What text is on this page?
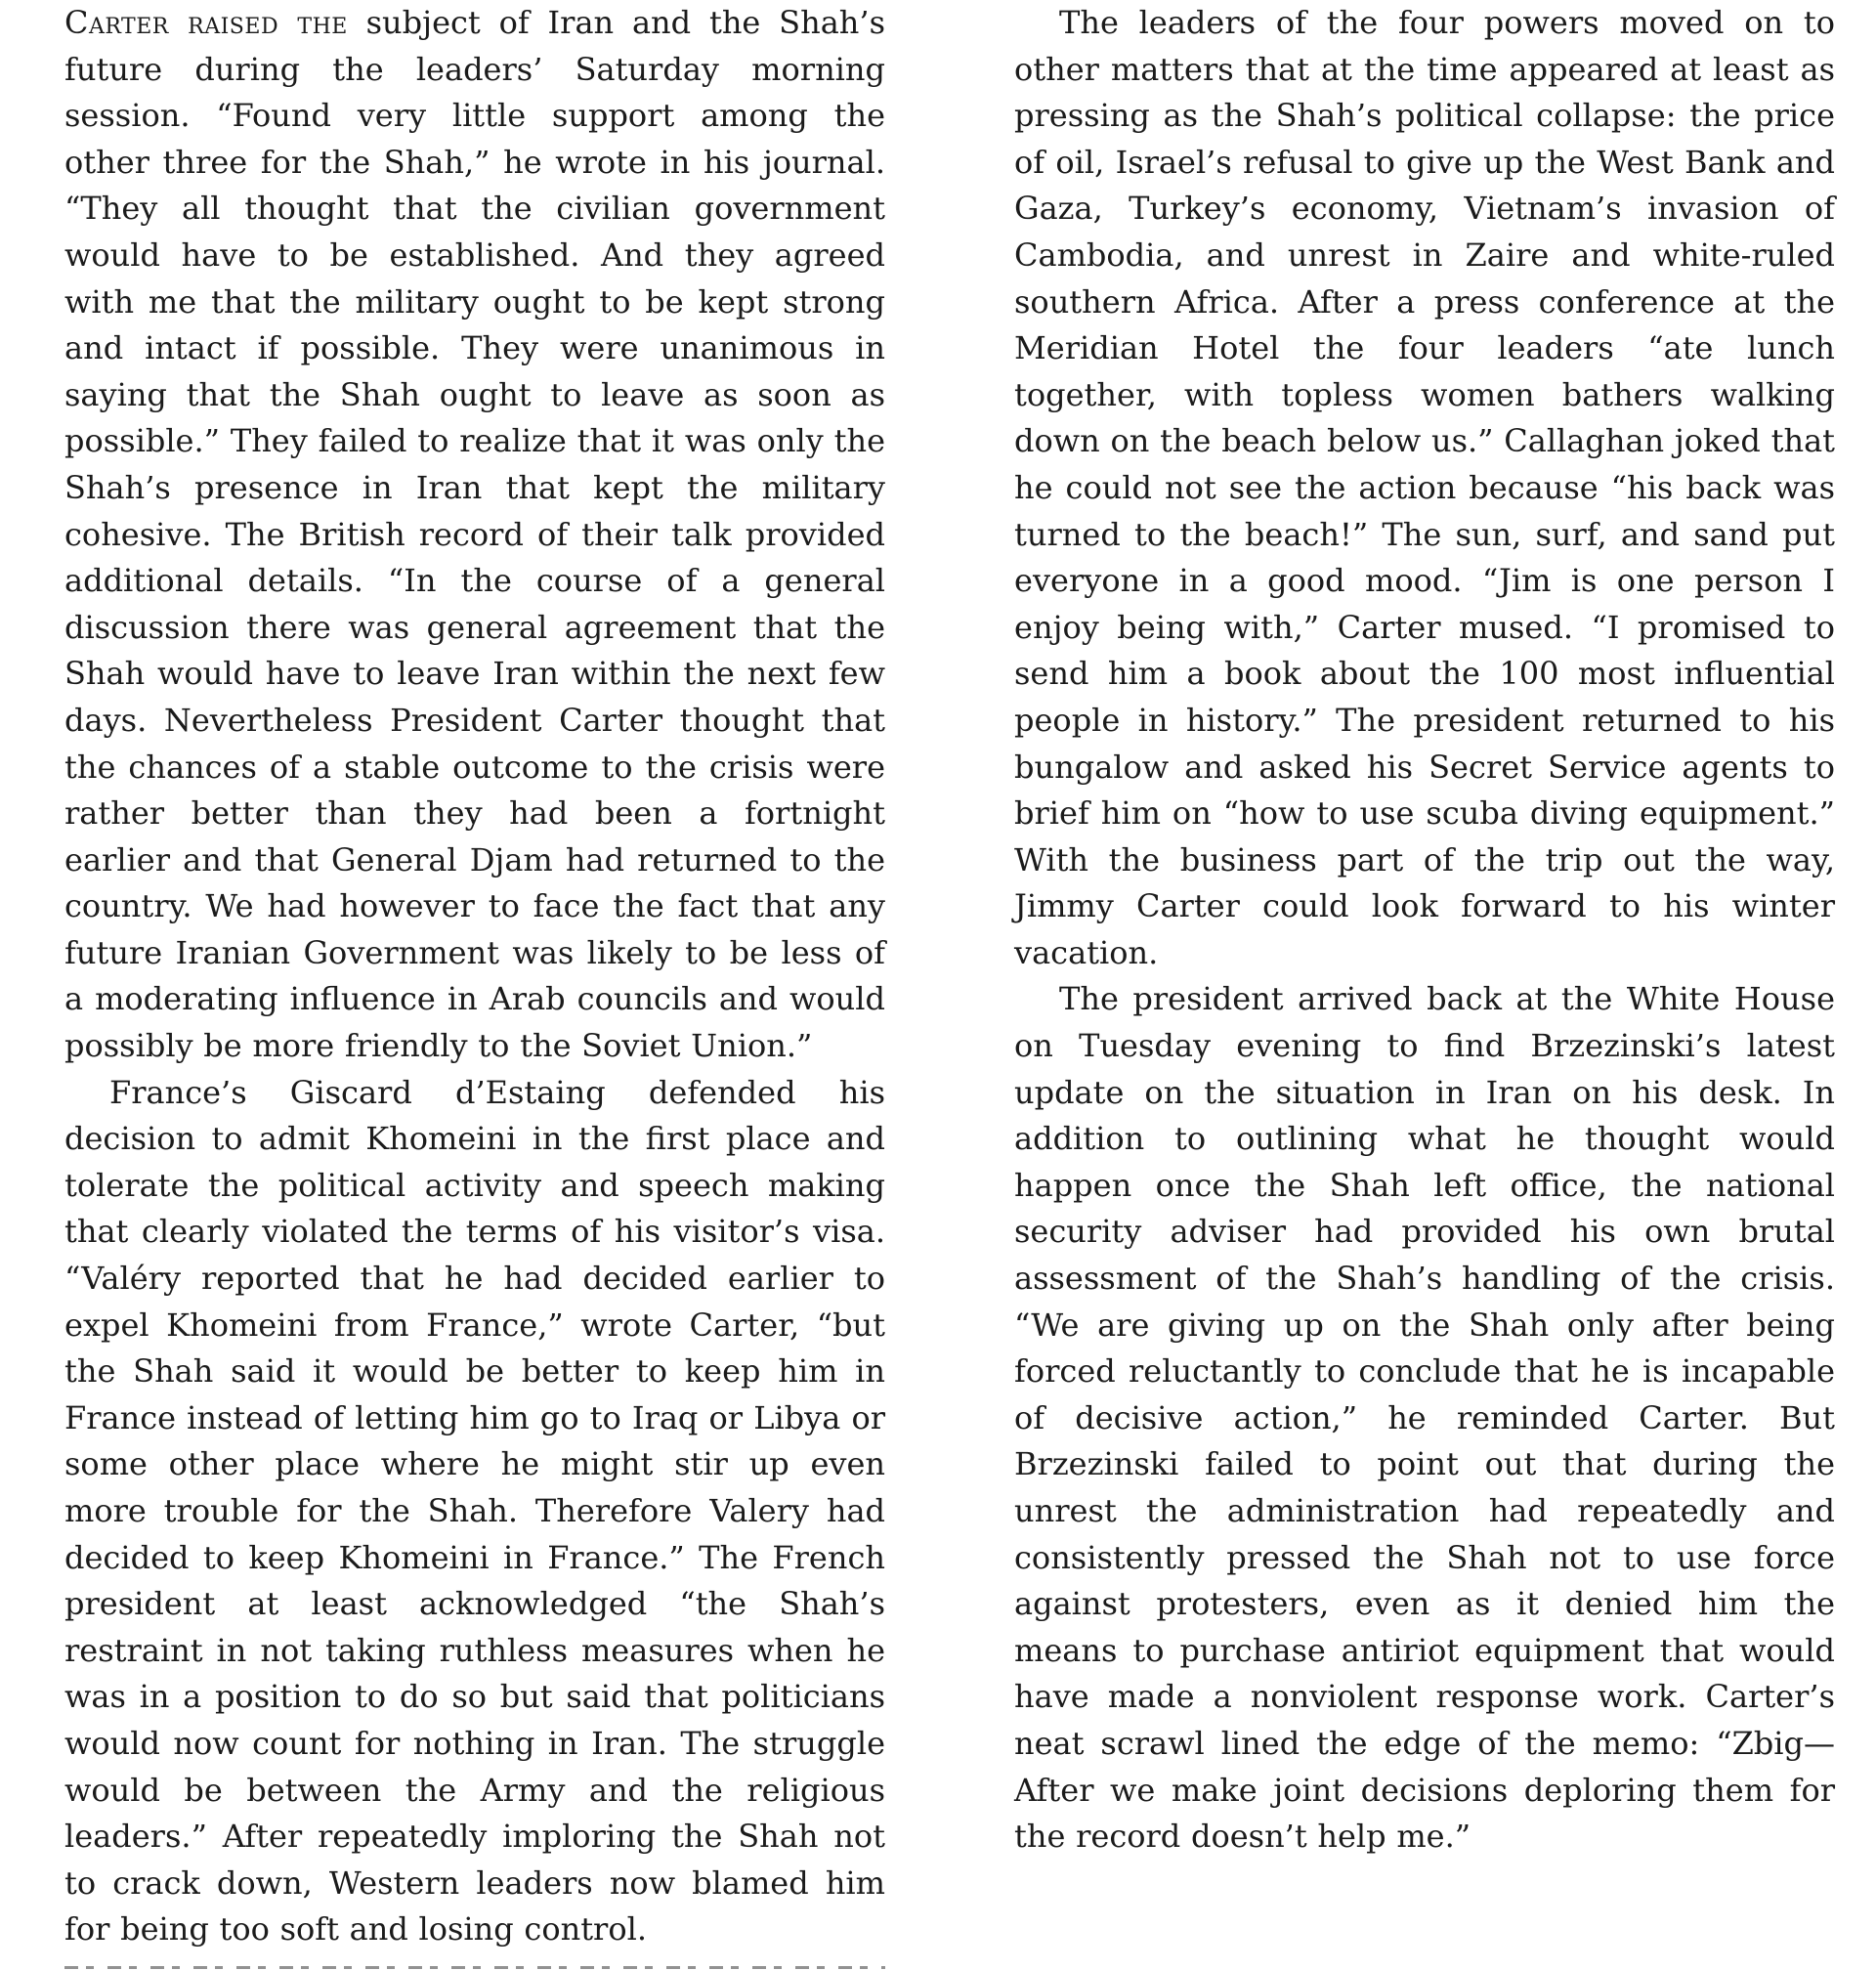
Carter raised the subject of Iran and the Shah’s future during the leaders’ Saturday morning session. “Found very little support among the other three for the Shah,” he wrote in his journal. “They all thought that the civilian government would have to be established. And they agreed with me that the military ought to be kept strong and intact if possible. They were unanimous in saying that the Shah ought to leave as soon as possible.” They failed to realize that it was only the Shah’s presence in Iran that kept the military cohesive. The British record of their talk provided additional details. “In the course of a general discussion there was general agreement that the Shah would have to leave Iran within the next few days. Nevertheless President Carter thought that the chances of a stable outcome to the crisis were rather better than they had been a fortnight earlier and that General Djam had returned to the country. We had however to face the fact that any future Iranian Government was likely to be less of a moderating influence in Arab councils and would possibly be more friendly to the Soviet Union.”

France’s Giscard d’Estaing defended his decision to admit Khomeini in the first place and tolerate the political activity and speech making that clearly violated the terms of his visitor’s visa. “Valéry reported that he had decided earlier to expel Khomeini from France,” wrote Carter, “but the Shah said it would be better to keep him in France instead of letting him go to Iraq or Libya or some other place where he might stir up even more trouble for the Shah. Therefore Valery had decided to keep Khomeini in France.” The French president at least acknowledged “the Shah’s restraint in not taking ruthless measures when he was in a position to do so but said that politicians would now count for nothing in Iran. The struggle would be between the Army and the religious leaders.” After repeatedly imploring the Shah not to crack down, Western leaders now blamed him for being too soft and losing control.

The leaders of the four powers moved on to other matters that at the time appeared at least as pressing as the Shah’s political collapse: the price of oil, Israel’s refusal to give up the West Bank and Gaza, Turkey’s economy, Vietnam’s invasion of Cambodia, and unrest in Zaire and white-ruled southern Africa. After a press conference at the Meridian Hotel the four leaders “ate lunch together, with topless women bathers walking down on the beach below us.” Callaghan joked that he could not see the action because “his back was turned to the beach!” The sun, surf, and sand put everyone in a good mood. “Jim is one person I enjoy being with,” Carter mused. “I promised to send him a book about the 100 most influential people in history.” The president returned to his bungalow and asked his Secret Service agents to brief him on “how to use scuba diving equipment.” With the business part of the trip out the way, Jimmy Carter could look forward to his winter vacation.

The president arrived back at the White House on Tuesday evening to find Brzezinski’s latest update on the situation in Iran on his desk. In addition to outlining what he thought would happen once the Shah left office, the national security adviser had provided his own brutal assessment of the Shah’s handling of the crisis. “We are giving up on the Shah only after being forced reluctantly to conclude that he is incapable of decisive action,” he reminded Carter. But Brzezinski failed to point out that during the unrest the administration had repeatedly and consistently pressed the Shah not to use force against protesters, even as it denied him the means to purchase antiriot equipment that would have made a nonviolent response work. Carter’s neat scrawl lined the edge of the memo: “Zbig—After we make joint decisions deploring them for the record doesn’t help me.”
